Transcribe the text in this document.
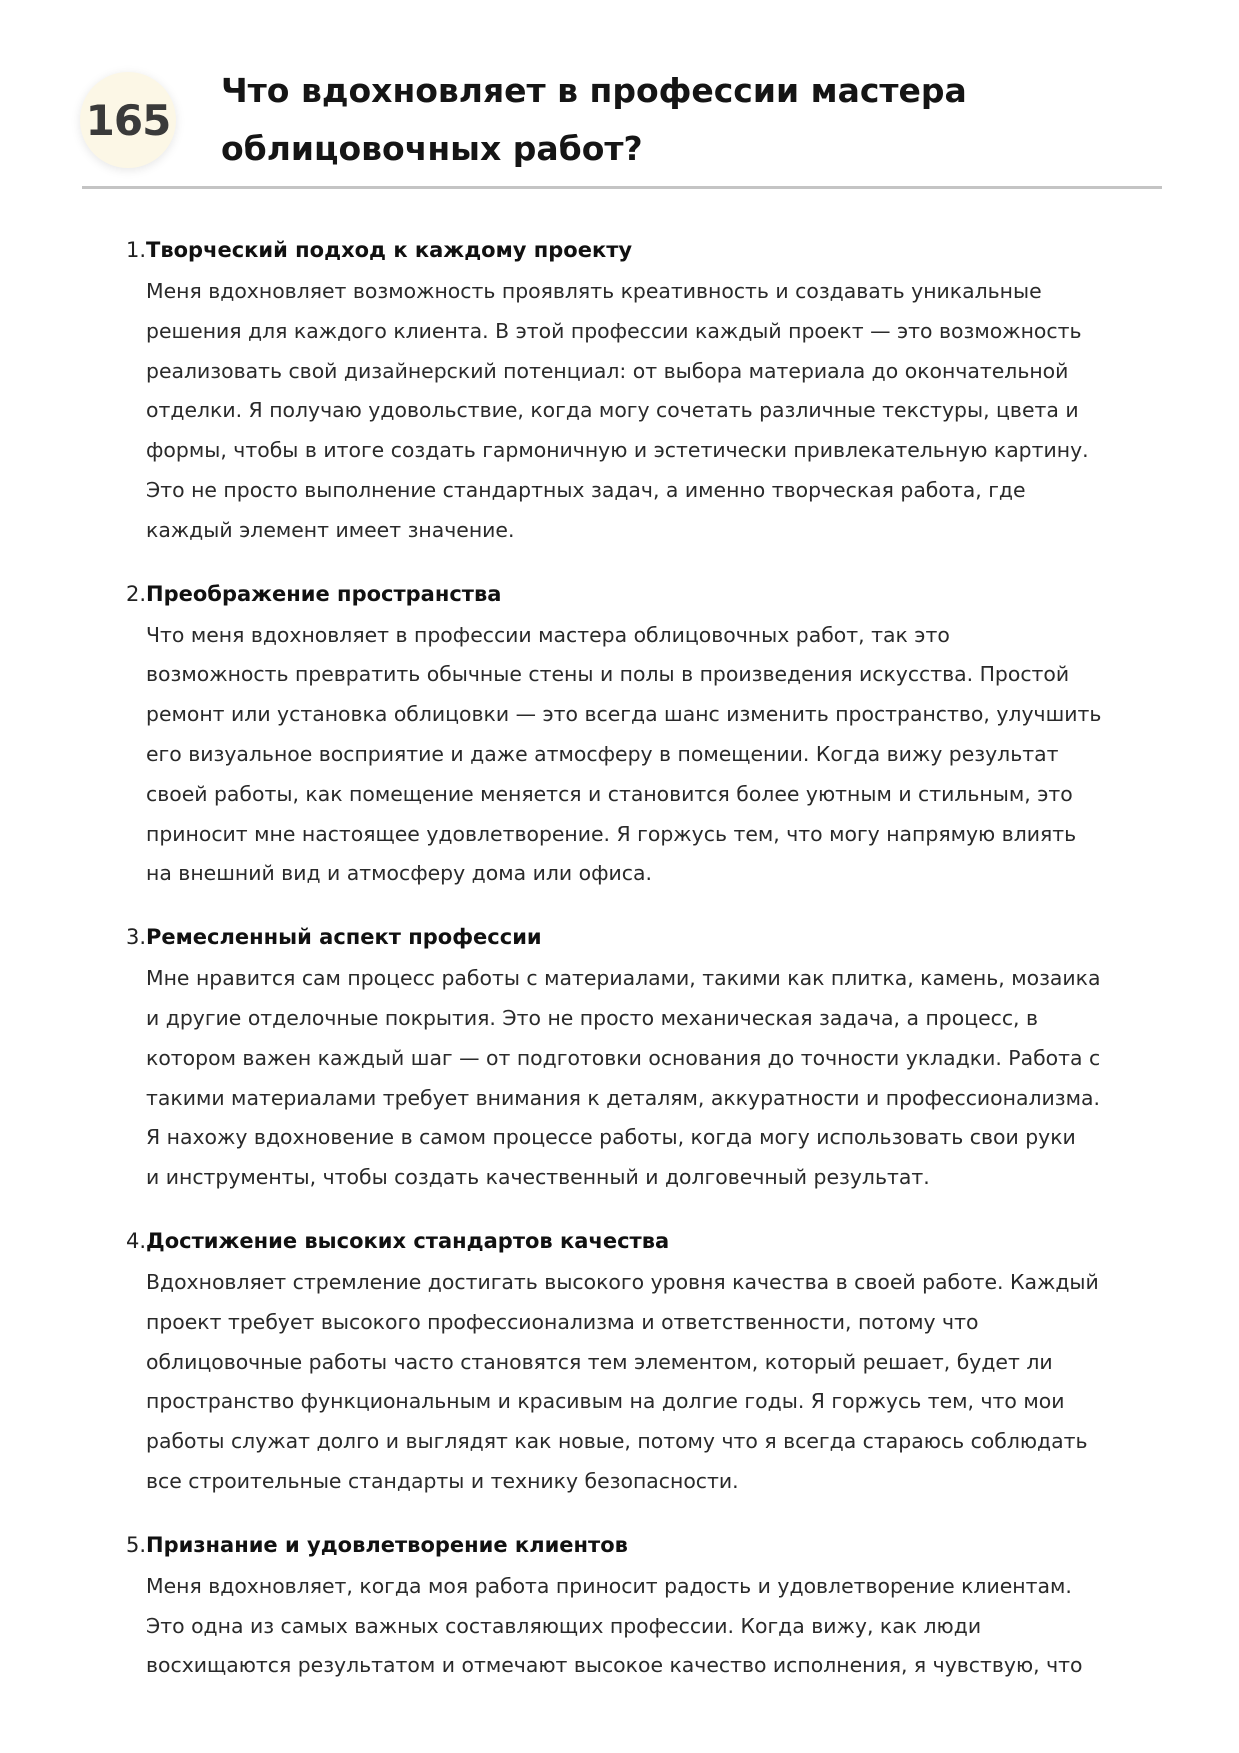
165
Что вдохновляет в профессии мастера
облицовочных работ?
1. Творческий подход к каждому проекту

Меня вдохновляет возможность проявлять креативность и создавать уникальные
решения для каждого клиента. В этой профессии каждый проект — это возможность
реализовать свой дизайнерский потенциал: от выбора материала до окончательной
отделки. Я получаю удовольствие, когда могу сочетать различные текстуры, цвета и
формы, чтобы в итоге создать гармоничную и эстетически привлекательную картину.
Это не просто выполнение стандартных задач, а именно творческая работа, где
каждый элемент имеет значение.

2. Преображение пространства

Что меня вдохновляет в профессии мастера облицовочных работ, так это
возможность превратить обычные стены и полы в произведения искусства. Простой
ремонт или установка облицовки — это всегда шанс изменить пространство, улучшить
его визуальное восприятие и даже атмосферу в помещении. Когда вижу результат
своей работы, как помещение меняется и становится более уютным и стильным, это
приносит мне настоящее удовлетворение. Я горжусь тем, что могу напрямую влиять
на внешний вид и атмосферу дома или офиса.

3. Ремесленный аспект профессии

Мне нравится сам процесс работы с материалами, такими как плитка, камень, мозаика
и другие отделочные покрытия. Это не просто механическая задача, а процесс, в
котором важен каждый шаг — от подготовки основания до точности укладки. Работа с
такими материалами требует внимания к деталям, аккуратности и профессионализма.
Я нахожу вдохновение в самом процессе работы, когда могу использовать свои руки
и инструменты, чтобы создать качественный и долговечный результат.

4. Достижение высоких стандартов качества

Вдохновляет стремление достигать высокого уровня качества в своей работе. Каждый
проект требует высокого профессионализма и ответственности, потому что
облицовочные работы часто становятся тем элементом, который решает, будет ли
пространство функциональным и красивым на долгие годы. Я горжусь тем, что мои
работы служат долго и выглядят как новые, потому что я всегда стараюсь соблюдать
все строительные стандарты и технику безопасности.

5. Признание и удовлетворение клиентов

Меня вдохновляет, когда моя работа приносит радость и удовлетворение клиентам.
Это одна из самых важных составляющих профессии. Когда вижу, как люди
восхищаются результатом и отмечают высокое качество исполнения, я чувствую, что
